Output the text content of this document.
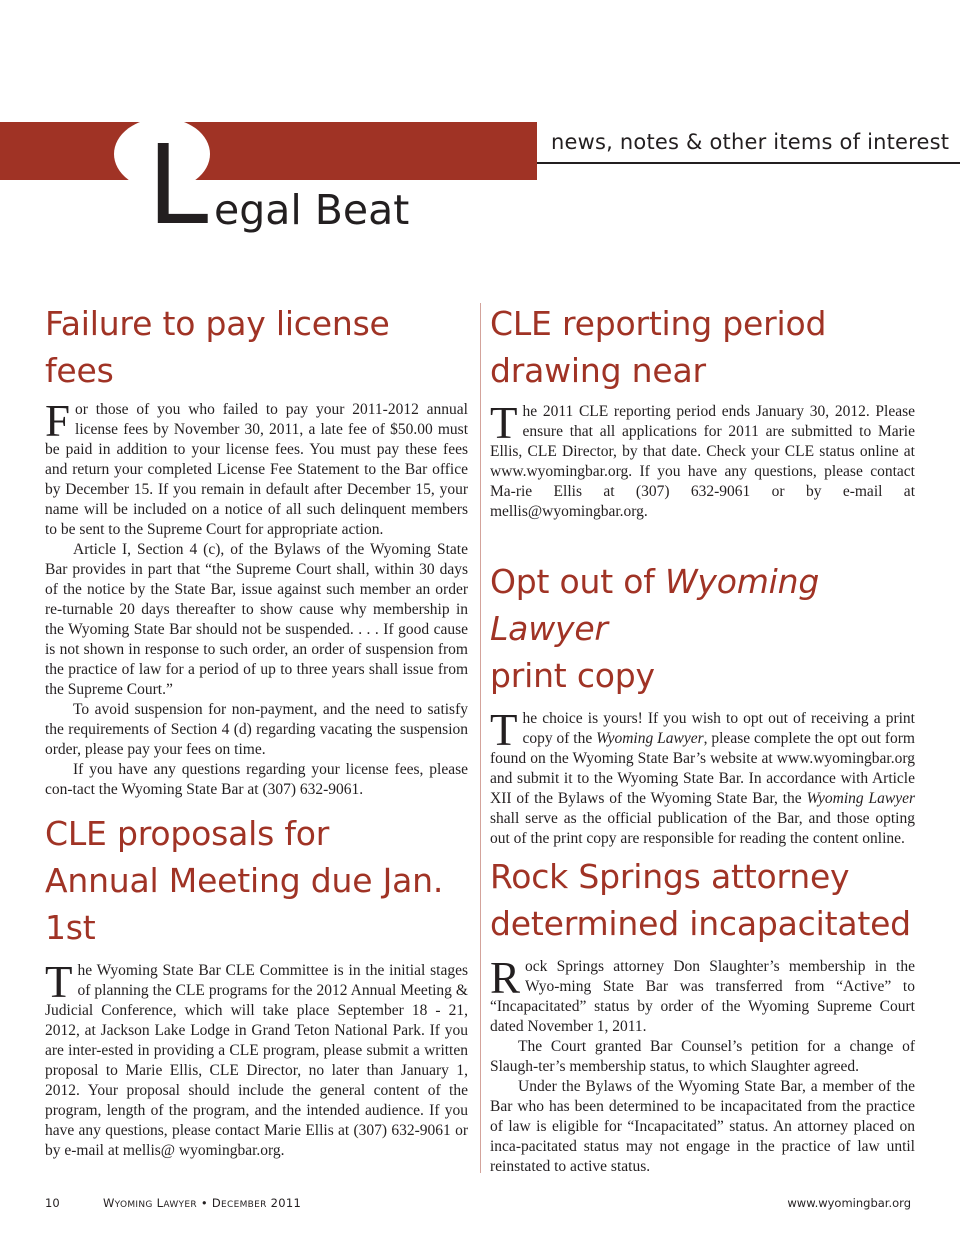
news, notes & other items of interest
L egal Beat
Failure to pay license fees

For those of you who failed to pay your 2011-2012 annual license fees by November 30, 2011, a late fee of $50.00 must be paid in addition to your license fees. You must pay these fees and return your completed License Fee Statement to the Bar office by December 15. If you remain in default after December 15, your name will be included on a notice of all such delinquent members to be sent to the Supreme Court for appropriate action.

Article I, Section 4 (c), of the Bylaws of the Wyoming State Bar provides in part that “the Supreme Court shall, within 30 days of the notice by the State Bar, issue against such member an order re-turnable 20 days thereafter to show cause why membership in the Wyoming State Bar should not be suspended. . . . If good cause is not shown in response to such order, an order of suspension from the practice of law for a period of up to three years shall issue from the Supreme Court.”

To avoid suspension for non-payment, and the need to satisfy the requirements of Section 4 (d) regarding vacating the suspension order, please pay your fees on time.

If you have any questions regarding your license fees, please con-tact the Wyoming State Bar at (307) 632-9061.

CLE proposals for
Annual Meeting due Jan. 1st

The Wyoming State Bar CLE Committee is in the initial stages of planning the CLE programs for the 2012 Annual Meeting & Judicial Conference, which will take place September 18 - 21, 2012, at Jackson Lake Lodge in Grand Teton National Park. If you are inter-ested in providing a CLE program, please submit a written proposal to Marie Ellis, CLE Director, no later than January 1, 2012. Your proposal should include the general content of the program, length of the program, and the intended audience. If you have any questions, please contact Marie Ellis at (307) 632-9061 or by e-mail at mellis@ wyomingbar.org.

CLE reporting period
drawing near

The 2011 CLE reporting period ends January 30, 2012. Please ensure that all applications for 2011 are submitted to Marie Ellis, CLE Director, by that date. Check your CLE status online at www.wyomingbar.org. If you have any questions, please contact Ma-rie Ellis at (307) 632-9061 or by e-mail at mellis@wyomingbar.org.

Opt out of Wyoming Lawyer
print copy

The choice is yours! If you wish to opt out of receiving a print copy of the Wyoming Lawyer, please complete the opt out form found on the Wyoming State Bar’s website at www.wyomingbar.org and submit it to the Wyoming State Bar. In accordance with Article XII of the Bylaws of the Wyoming State Bar, the Wyoming Lawyer shall serve as the official publication of the Bar, and those opting out of the print copy are responsible for reading the content online.

Rock Springs attorney
determined incapacitated

Rock Springs attorney Don Slaughter’s membership in the Wyo-ming State Bar was transferred from “Active” to “Incapacitated” status by order of the Wyoming Supreme Court dated November 1, 2011.

The Court granted Bar Counsel’s petition for a change of Slaugh-ter’s membership status, to which Slaughter agreed.

Under the Bylaws of the Wyoming State Bar, a member of the Bar who has been determined to be incapacitated from the practice of law is eligible for “Incapacitated” status. An attorney placed on inca-pacitated status may not engage in the practice of law until reinstated to active status.

10	WYOMING LAWYER • DECEMBER 2011	www.wyomingbar.org
